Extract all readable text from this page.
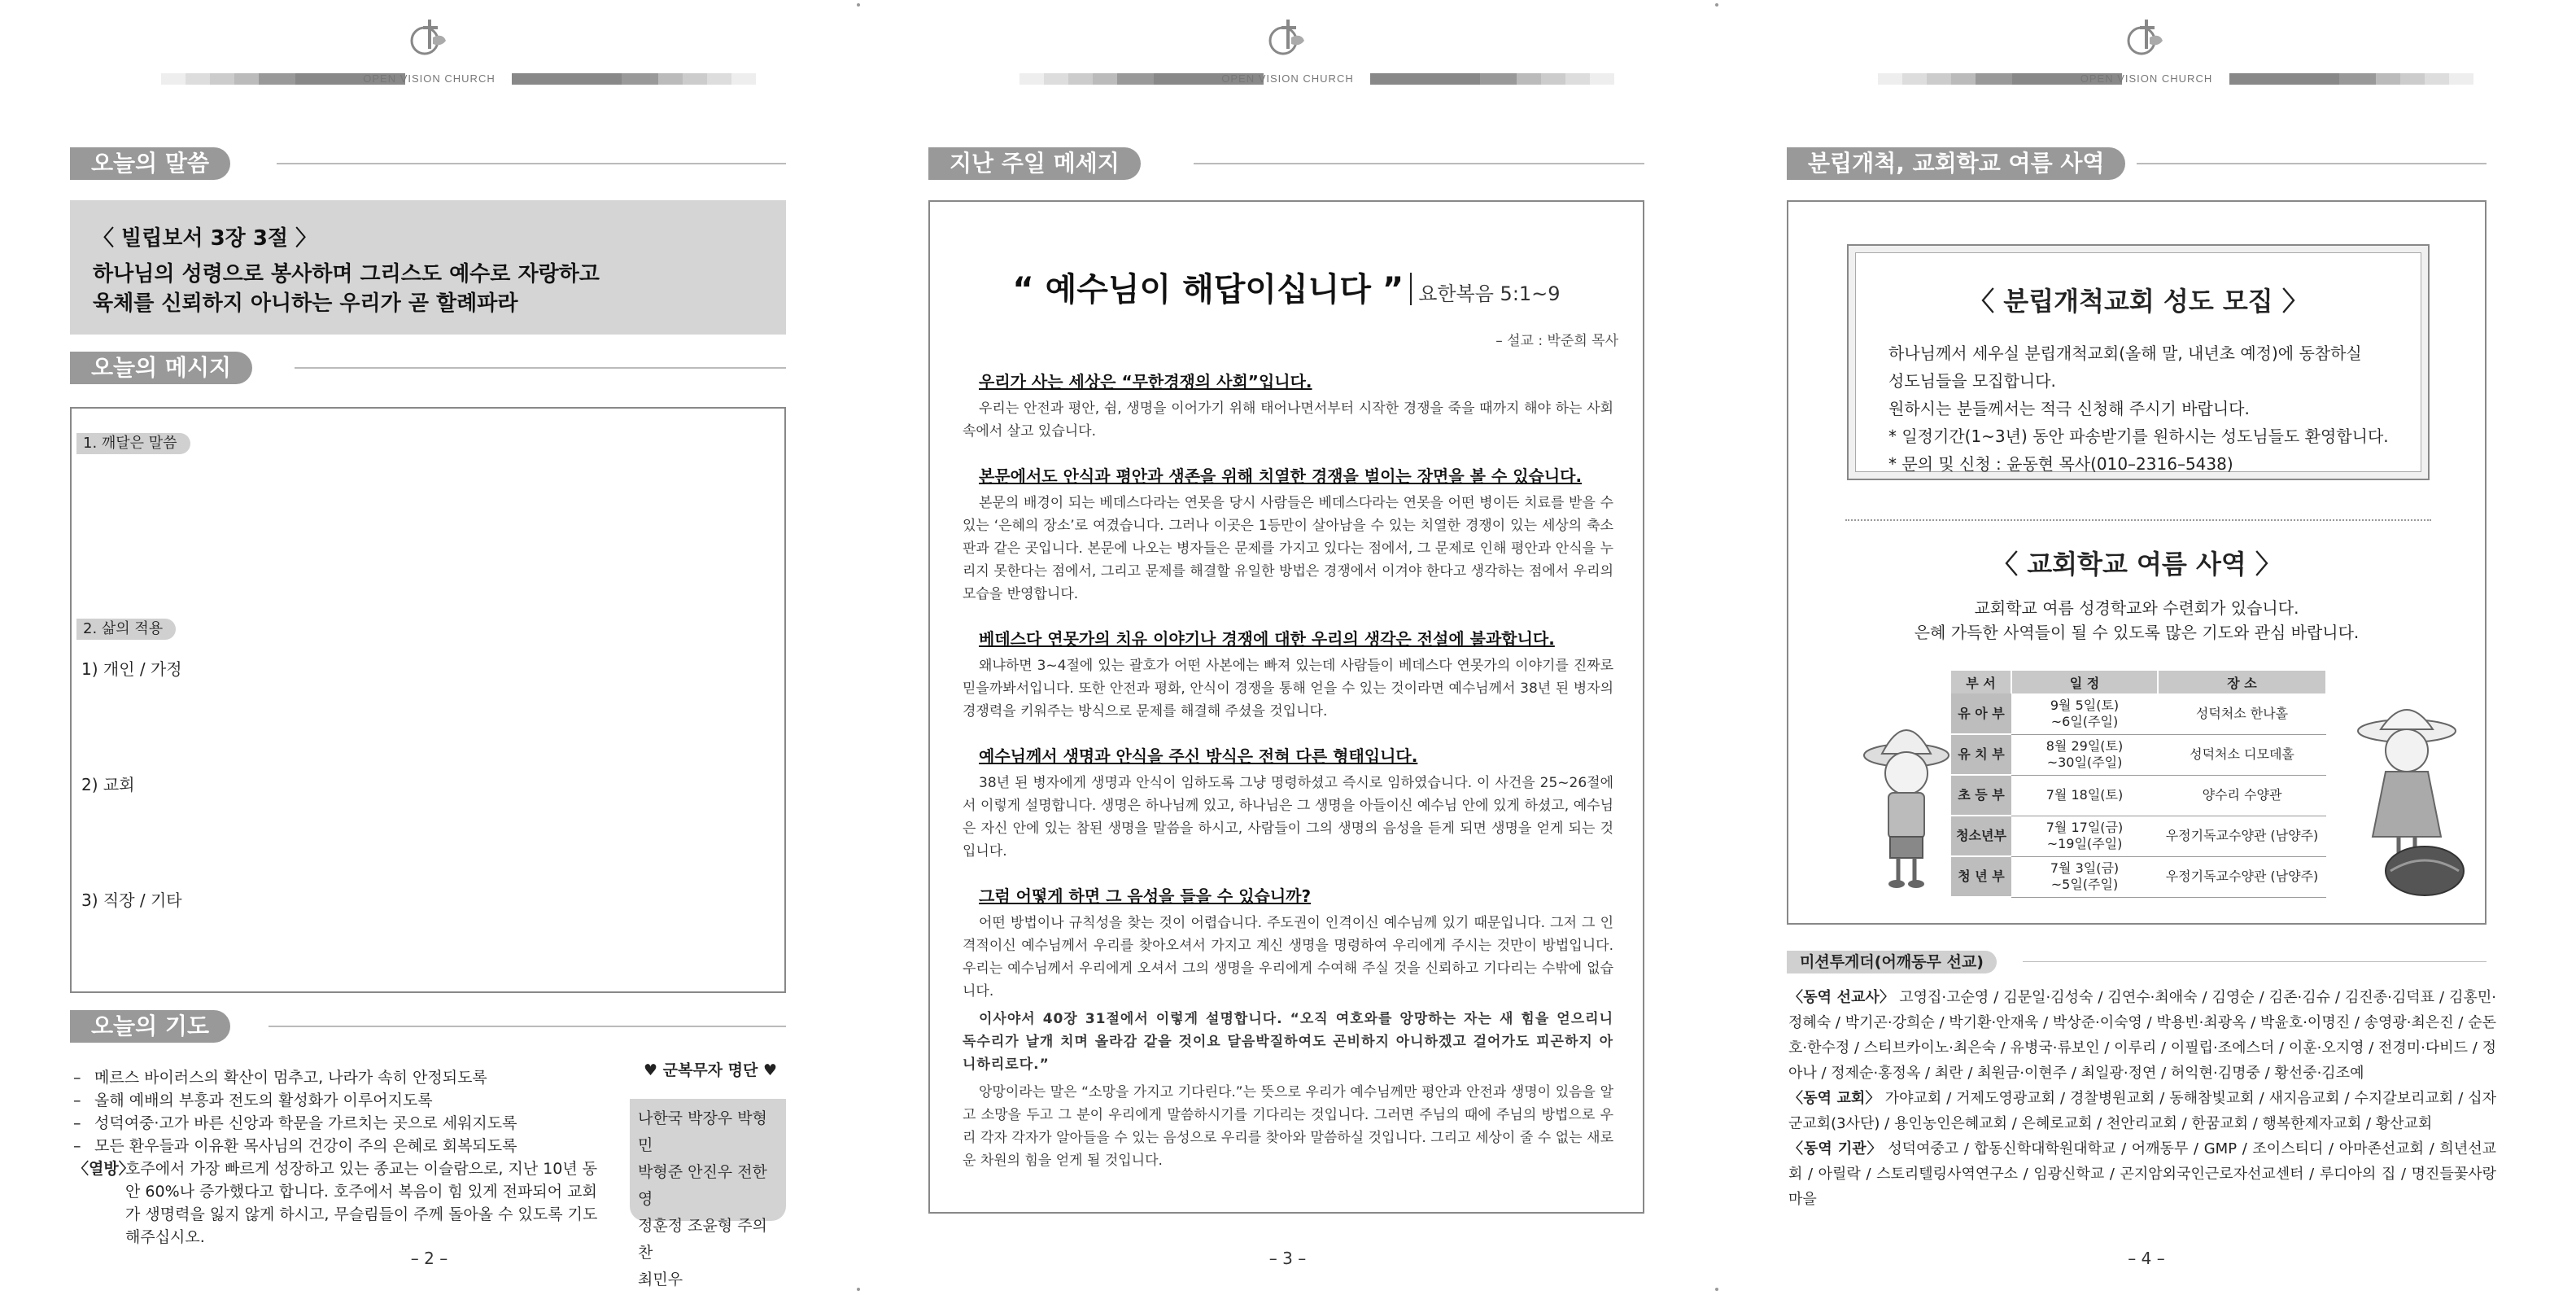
OPEN VISION CHURCH
오늘의 말씀
〈 빌립보서 3장 3절 〉
하나님의 성령으로 봉사하며 그리스도 예수로 자랑하고
육체를 신뢰하지 아니하는 우리가 곧 할례파라
오늘의 메시지
1. 깨달은 말씀
2. 삶의 적용
1) 개인 / 가정
2) 교회
3) 직장 / 기타
오늘의 기도
– 메르스 바이러스의 확산이 멈추고, 나라가 속히 안정되도록
– 올해 예배의 부흥과 전도의 활성화가 이루어지도록
– 성덕여중·고가 바른 신앙과 학문을 가르치는 곳으로 세워지도록
– 모든 환우들과 이유환 목사님의 건강이 주의 은혜로 회복되도록
〈열방〉
호주에서 가장 빠르게 성장하고 있는 종교는 이슬람으로, 지난 10년 동안 60%나 증가했다고 합니다. 호주에서 복음이 힘 있게 전파되어 교회가 생명력을 잃지 않게 하시고, 무슬림들이 주께 돌아올 수 있도록 기도해주십시오.
♥ 군복무자 명단 ♥
나한국 박장우 박형민
박형준 안진우 전한영
정훈정 조윤형 주의찬
최민우
– 2 –
OPEN VISION CHURCH
지난 주일 메세지
“ 예수님이 해답이십니다 ” 요한복음 5:1~9
– 설교 : 박준희 목사
우리가 사는 세상은 “무한경쟁의 사회”입니다.
우리는 안전과 평안, 쉼, 생명을 이어가기 위해 태어나면서부터 시작한 경쟁을 죽을 때까지 해야 하는 사회 속에서 살고 있습니다.
본문에서도 안식과 평안과 생존을 위해 치열한 경쟁을 벌이는 장면을 볼 수 있습니다.
본문의 배경이 되는 베데스다라는 연못을 당시 사람들은 베데스다라는 연못을 어떤 병이든 치료를 받을 수 있는 ‘은혜의 장소’로 여겼습니다. 그러나 이곳은 1등만이 살아남을 수 있는 치열한 경쟁이 있는 세상의 축소판과 같은 곳입니다. 본문에 나오는 병자들은 문제를 가지고 있다는 점에서, 그 문제로 인해 평안과 안식을 누리지 못한다는 점에서, 그리고 문제를 해결할 유일한 방법은 경쟁에서 이겨야 한다고 생각하는 점에서 우리의 모습을 반영합니다.
베데스다 연못가의 치유 이야기나 경쟁에 대한 우리의 생각은 전설에 불과합니다.
왜냐하면 3~4절에 있는 괄호가 어떤 사본에는 빠져 있는데 사람들이 베데스다 연못가의 이야기를 진짜로 믿을까봐서입니다. 또한 안전과 평화, 안식이 경쟁을 통해 얻을 수 있는 것이라면 예수님께서 38년 된 병자의 경쟁력을 키워주는 방식으로 문제를 해결해 주셨을 것입니다.
예수님께서 생명과 안식을 주신 방식은 전혀 다른 형태입니다.
38년 된 병자에게 생명과 안식이 임하도록 그냥 명령하셨고 즉시로 임하였습니다. 이 사건을 25~26절에서 이렇게 설명합니다. 생명은 하나님께 있고, 하나님은 그 생명을 아들이신 예수님 안에 있게 하셨고, 예수님은 자신 안에 있는 참된 생명을 말씀을 하시고, 사람들이 그의 생명의 음성을 듣게 되면 생명을 얻게 되는 것입니다.
그럼 어떻게 하면 그 음성을 들을 수 있습니까?
어떤 방법이나 규칙성을 찾는 것이 어렵습니다. 주도권이 인격이신 예수님께 있기 때문입니다. 그저 그 인격적이신 예수님께서 우리를 찾아오셔서 가지고 계신 생명을 명령하여 우리에게 주시는 것만이 방법입니다. 우리는 예수님께서 우리에게 오셔서 그의 생명을 우리에게 수여해 주실 것을 신뢰하고 기다리는 수밖에 없습니다.
이사야서 40장 31절에서 이렇게 설명합니다. “오직 여호와를 앙망하는 자는 새 힘을 얻으리니 독수리가 날개 치며 올라감 같을 것이요 달음박질하여도 곤비하지 아니하겠고 걸어가도 피곤하지 아니하리로다.”
앙망이라는 말은 “소망을 가지고 기다린다.”는 뜻으로 우리가 예수님께만 평안과 안전과 생명이 있음을 알고 소망을 두고 그 분이 우리에게 말씀하시기를 기다리는 것입니다. 그러면 주님의 때에 주님의 방법으로 우리 각자 각자가 알아들을 수 있는 음성으로 우리를 찾아와 말씀하실 것입니다. 그리고 세상이 줄 수 없는 새로운 차원의 힘을 얻게 될 것입니다.
– 3 –
OPEN VISION CHURCH
분립개척, 교회학교 여름 사역
〈 분립개척교회 성도 모집 〉
하나님께서 세우실 분립개척교회(올해 말, 내년초 예정)에 동참하실
성도님들을 모집합니다.
원하시는 분들께서는 적극 신청해 주시기 바랍니다.
* 일정기간(1~3년) 동안 파송받기를 원하시는 성도님들도 환영합니다.
* 문의 및 신청 : 윤동현 목사(010–2316–5438)
〈 교회학교 여름 사역 〉
교회학교 여름 성경학교와 수련회가 있습니다.
은혜 가득한 사역들이 될 수 있도록 많은 기도와 관심 바랍니다.
부 서	일 정	장 소
유 아 부	9월 5일(토)
~6일(주일)	성덕처소 한나홀
유 치 부	8월 29일(토)
~30일(주일)	성덕처소 디모데홀
초 등 부	7월 18일(토)	양수리 수양관
청소년부	7월 17일(금)
~19일(주일)	우정기독교수양관 (남양주)
청 년 부	7월 3일(금)
~5일(주일)	우정기독교수양관 (남양주)
미션투게더(어깨동무 선교)
〈동역 선교사〉 고영집·고순영 / 김문일·김성숙 / 김연수·최애숙 / 김영순 / 김존·김슈 / 김진종·김덕표 / 김홍민·정혜숙 / 박기곤·강희순 / 박기환·안재욱 / 박상준·이숙영 / 박용빈·최광옥 / 박윤호·이명진 / 송영광·최은진 / 순돈호·한수정 / 스티브카이노·최은숙 / 유병국·류보인 / 이루리 / 이필립·조에스더 / 이훈·오지영 / 전경미·다비드 / 정아나 / 정제순·홍정옥 / 최란 / 최원금·이현주 / 최일광·정연 / 허익현·김명중 / 황선중·김조예
〈동역 교회〉 가야교회 / 거제도영광교회 / 경찰병원교회 / 동해참빛교회 / 새지음교회 / 수지갈보리교회 / 십자군교회(3사단) / 용인농인은혜교회 / 은혜로교회 / 천안리교회 / 한꿈교회 / 행복한제자교회 / 황산교회
〈동역 기관〉 성덕여중고 / 합동신학대학원대학교 / 어깨동무 / GMP / 조이스티디 / 아마존선교회 / 희년선교회 / 아릴락 / 스토리텔링사역연구소 / 임광신학교 / 곤지암외국인근로자선교센터 / 루디아의 집 / 명진들꽃사랑마을
– 4 –
